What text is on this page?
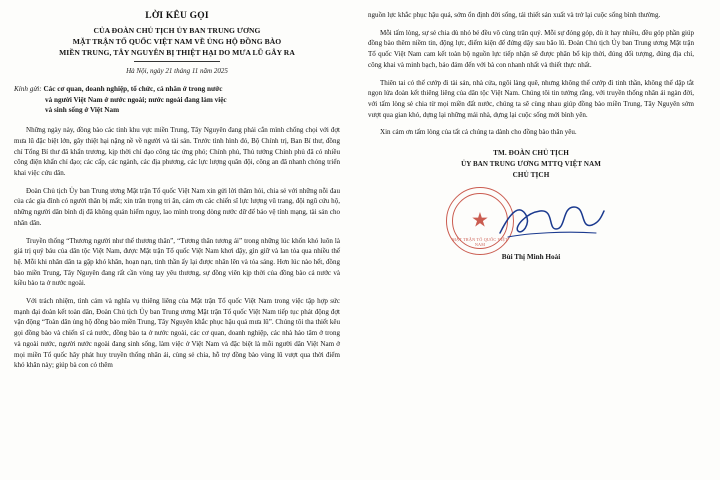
LỜI KÊU GỌI
CỦA ĐOÀN CHỦ TỊCH ỦY BAN TRUNG ƯƠNG
MẶT TRẬN TỔ QUỐC VIỆT NAM VỀ ỦNG HỘ ĐỒNG BÀO
MIỀN TRUNG, TÂY NGUYÊN BỊ THIỆT HẠI DO MƯA LŨ GÂY RA
Hà Nội, ngày 21 tháng 11 năm 2025
Kính gửi: Các cơ quan, doanh nghiệp, tổ chức, cá nhân ở trong nước
và người Việt Nam ở nước ngoài; nước ngoài đang làm việc
và sinh sống ở Việt Nam

Những ngày này, đồng bào các tỉnh khu vực miền Trung, Tây Nguyên đang phải cắn mình chống chọi với đợt mưa lũ đặc biệt lớn, gây thiệt hại nặng nề về người và tài sản. Trước tình hình đó, Bộ Chính trị, Ban Bí thư, đồng chí Tổng Bí thư đã khẩn trương, kịp thời chỉ đạo công tác ứng phó; Chính phủ, Thủ tướng Chính phủ đã có nhiều công điện khẩn chỉ đạo; các cấp, các ngành, các địa phương, các lực lượng quân đội, công an đã nhanh chóng triển khai việc cứu dân.

Đoàn Chủ tịch Ủy ban Trung ương Mặt trận Tổ quốc Việt Nam xin gửi lời thăm hỏi, chia sẻ với những nỗi đau của các gia đình có người thân bị mất; xin trân trọng tri ân, cảm ơn các chiến sĩ lực lượng vũ trang, đội ngũ cứu hộ, những người dân bình dị đã không quản hiểm nguy, lao mình trong dòng nước dữ để bảo vệ tính mạng, tài sản cho nhân dân.

Truyền thống “Thương người như thể thương thân”, “Tương thân tương ái” trong những lúc khốn khó luôn là giá trị quý báu của dân tộc Việt Nam, được Mặt trận Tổ quốc Việt Nam khơi dậy, gìn giữ và lan tỏa qua nhiều thế hệ. Mỗi khi nhân dân ta gặp khó khăn, hoạn nạn, tinh thần ấy lại được nhân lên và tỏa sáng. Hơn lúc nào hết, đồng bào miền Trung, Tây Nguyên đang rất cần vòng tay yêu thương, sự đồng viên kịp thời của đồng bào cả nước và kiều bào ta ở nước ngoài.

Với trách nhiệm, tình cảm và nghĩa vụ thiêng liêng của Mặt trận Tổ quốc Việt Nam trong việc tập hợp sức mạnh đại đoàn kết toàn dân, Đoàn Chủ tịch Ủy ban Trung ương Mặt trận Tổ quốc Việt Nam tiếp tục phát động đợt vận động “Toàn dân ủng hộ đồng bào miền Trung, Tây Nguyên khắc phục hậu quả mưa lũ”. Chúng tôi tha thiết kêu gọi đồng bào và chiến sĩ cả nước, đồng bào ta ở nước ngoài, các cơ quan, doanh nghiệp, các nhà hảo tâm ở trong và ngoài nước, người nước ngoài đang sinh sống, làm việc ở Việt Nam và đặc biệt là mỗi người dân Việt Nam ở mọi miền Tổ quốc hãy phát huy truyền thống nhân ái, cùng sẻ chia, hỗ trợ đồng bào vùng lũ vượt qua thời điểm khó khăn này; giúp bà con có thêm

nguồn lực khắc phục hậu quả, sớm ổn định đời sống, tái thiết sản xuất và trở lại cuộc sống bình thường.

Mỗi tấm lòng, sự sẻ chia dù nhỏ bé đều vô cùng trân quý. Mỗi sự đóng góp, dù ít hay nhiều, đều góp phần giúp đồng bào thêm niềm tin, động lực, điểm kiện để đứng dậy sau bão lũ. Đoàn Chủ tịch Ủy ban Trung ương Mặt trận Tổ quốc Việt Nam cam kết toàn bộ nguồn lực tiếp nhận sẽ được phân bổ kịp thời, đúng đối tượng, đúng địa chỉ, công khai và minh bạch, bảo đảm đến với bà con nhanh nhất và thiết thực nhất.

Thiên tai có thể cướp đi tài sản, nhà cửa, ngôi làng quê, nhưng không thể cướp đi tinh thần, không thể dập tắt ngọn lửa đoàn kết thiêng liêng của dân tộc Việt Nam. Chúng tôi tin tưởng rằng, với truyền thống nhân ái ngàn đời, với tấm lòng sẻ chia từ mọi miền đất nước, chúng ta sẽ cùng nhau giúp đồng bào miền Trung, Tây Nguyên sớm vượt qua gian khó, dựng lại những mái nhà, dựng lại cuộc sống mới bình yên.

Xin cảm ơn tấm lòng của tất cả chúng ta dành cho đồng bào thân yêu.

TM. ĐOÀN CHỦ TỊCH
ỦY BAN TRUNG ƯƠNG MTTQ VIỆT NAM
CHỦ TỊCH
★
MẶT TRẬN TỔ QUỐC VIỆT NAM
Bùi Thị Minh Hoài
